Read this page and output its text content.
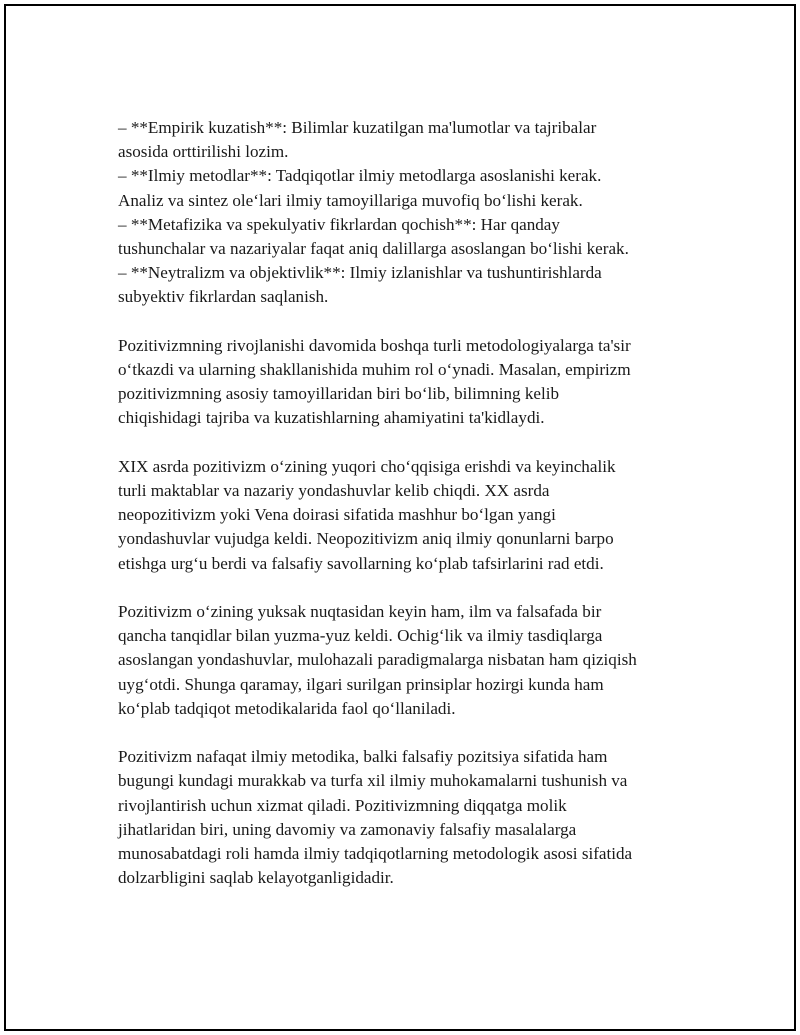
– **Empirik kuzatish**: Bilimlar kuzatilgan ma'lumotlar va tajribalar
asosida orttirilishi lozim.
– **Ilmiy metodlar**: Tadqiqotlar ilmiy metodlarga asoslanishi kerak.
Analiz va sintez ole‘lari ilmiy tamoyillariga muvofiq bo‘lishi kerak.
– **Metafizika va spekulyativ fikrlardan qochish**: Har qanday
tushunchalar va nazariyalar faqat aniq dalillarga asoslangan bo‘lishi kerak.
– **Neytralizm va objektivlik**: Ilmiy izlanishlar va tushuntirishlarda
subyektiv fikrlardan saqlanish.

Pozitivizmning rivojlanishi davomida boshqa turli metodologiyalarga ta'sir
o‘tkazdi va ularning shakllanishida muhim rol o‘ynadi. Masalan, empirizm
pozitivizmning asosiy tamoyillaridan biri bo‘lib, bilimning kelib
chiqishidagi tajriba va kuzatishlarning ahamiyatini ta'kidlaydi.

XIX asrda pozitivizm o‘zining yuqori cho‘qqisiga erishdi va keyinchalik
turli maktablar va nazariy yondashuvlar kelib chiqdi. XX asrda
neopozitivizm yoki Vena doirasi sifatida mashhur bo‘lgan yangi
yondashuvlar vujudga keldi. Neopozitivizm aniq ilmiy qonunlarni barpo
etishga urg‘u berdi va falsafiy savollarning ko‘plab tafsirlarini rad etdi.

Pozitivizm o‘zining yuksak nuqtasidan keyin ham, ilm va falsafada bir
qancha tanqidlar bilan yuzma-yuz keldi. Ochig‘lik va ilmiy tasdiqlarga
asoslangan yondashuvlar, mulohazali paradigmalarga nisbatan ham qiziqish
uyg‘otdi. Shunga qaramay, ilgari surilgan prinsiplar hozirgi kunda ham
ko‘plab tadqiqot metodikalarida faol qo‘llaniladi.

Pozitivizm nafaqat ilmiy metodika, balki falsafiy pozitsiya sifatida ham
bugungi kundagi murakkab va turfa xil ilmiy muhokamalarni tushunish va
rivojlantirish uchun xizmat qiladi. Pozitivizmning diqqatga molik
jihatlaridan biri, uning davomiy va zamonaviy falsafiy masalalarga
munosabatdagi roli hamda ilmiy tadqiqotlarning metodologik asosi sifatida
dolzarbligini saqlab kelayotganligidadir.
